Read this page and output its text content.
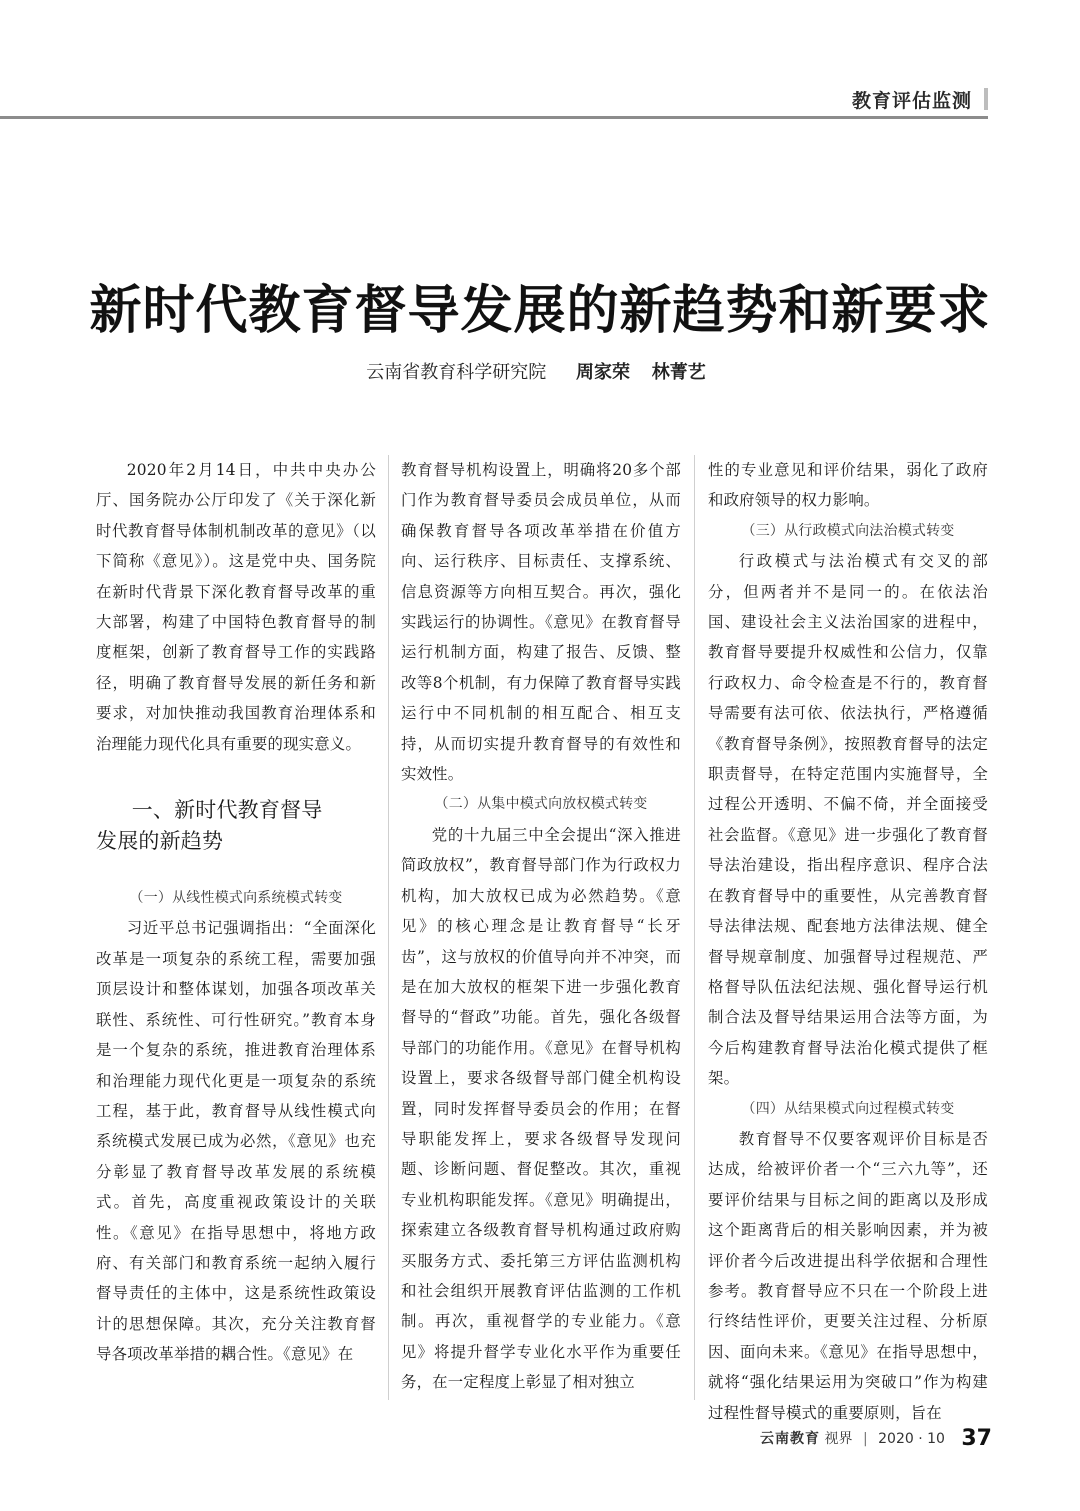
教育评估监测
新时代教育督导发展的新趋势和新要求
云南省教育科学研究院 周家荣 林菁艺

2020年2月14日，中共中央办公厅、国务院办公厅印发了《关于深化新时代教育督导体制机制改革的意见》（以下简称《意见》）。这是党中央、国务院在新时代背景下深化教育督导改革的重大部署，构建了中国特色教育督导的制度框架，创新了教育督导工作的实践路径，明确了教育督导发展的新任务和新要求，对加快推动我国教育治理体系和治理能力现代化具有重要的现实意义。

一、新时代教育督导
发展的新趋势
（一）从线性模式向系统模式转变

习近平总书记强调指出：“全面深化改革是一项复杂的系统工程，需要加强顶层设计和整体谋划，加强各项改革关联性、系统性、可行性研究。”教育本身是一个复杂的系统，推进教育治理体系和治理能力现代化更是一项复杂的系统工程，基于此，教育督导从线性模式向系统模式发展已成为必然，《意见》也充分彰显了教育督导改革发展的系统模式。首先，高度重视政策设计的关联性。《意见》在指导思想中，将地方政府、有关部门和教育系统一起纳入履行督导责任的主体中，这是系统性政策设计的思想保障。其次，充分关注教育督导各项改革举措的耦合性。《意见》在

教育督导机构设置上，明确将20多个部门作为教育督导委员会成员单位，从而确保教育督导各项改革举措在价值方向、运行秩序、目标责任、支撑系统、信息资源等方向相互契合。再次，强化实践运行的协调性。《意见》在教育督导运行机制方面，构建了报告、反馈、整改等8个机制，有力保障了教育督导实践运行中不同机制的相互配合、相互支持，从而切实提升教育督导的有效性和实效性。

（二）从集中模式向放权模式转变

党的十九届三中全会提出“深入推进简政放权”，教育督导部门作为行政权力机构，加大放权已成为必然趋势。《意见》的核心理念是让教育督导“长牙齿”，这与放权的价值导向并不冲突，而是在加大放权的框架下进一步强化教育督导的“督政”功能。首先，强化各级督导部门的功能作用。《意见》在督导机构设置上，要求各级督导部门健全机构设置，同时发挥督导委员会的作用；在督导职能发挥上，要求各级督导发现问题、诊断问题、督促整改。其次，重视专业机构职能发挥。《意见》明确提出，探索建立各级教育督导机构通过政府购买服务方式、委托第三方评估监测机构和社会组织开展教育评估监测的工作机制。再次，重视督学的专业能力。《意见》将提升督学专业化水平作为重要任务，在一定程度上彰显了相对独立

性的专业意见和评价结果，弱化了政府和政府领导的权力影响。

（三）从行政模式向法治模式转变

行政模式与法治模式有交叉的部分，但两者并不是同一的。在依法治国、建设社会主义法治国家的进程中，教育督导要提升权威性和公信力，仅靠行政权力、命令检查是不行的，教育督导需要有法可依、依法执行，严格遵循《教育督导条例》，按照教育督导的法定职责督导，在特定范围内实施督导，全过程公开透明、不偏不倚，并全面接受社会监督。《意见》进一步强化了教育督导法治建设，指出程序意识、程序合法在教育督导中的重要性，从完善教育督导法律法规、配套地方法律法规、健全督导规章制度、加强督导过程规范、严格督导队伍法纪法规、强化督导运行机制合法及督导结果运用合法等方面，为今后构建教育督导法治化模式提供了框架。

（四）从结果模式向过程模式转变

教育督导不仅要客观评价目标是否达成，给被评价者一个“三六九等”，还要评价结果与目标之间的距离以及形成这个距离背后的相关影响因素，并为被评价者今后改进提出科学依据和合理性参考。教育督导应不只在一个阶段上进行终结性评价，更要关注过程、分析原因、面向未来。《意见》在指导思想中，就将“强化结果运用为突破口”作为构建过程性督导模式的重要原则，旨在

云南教育 视界 | 2020 · 10 37
